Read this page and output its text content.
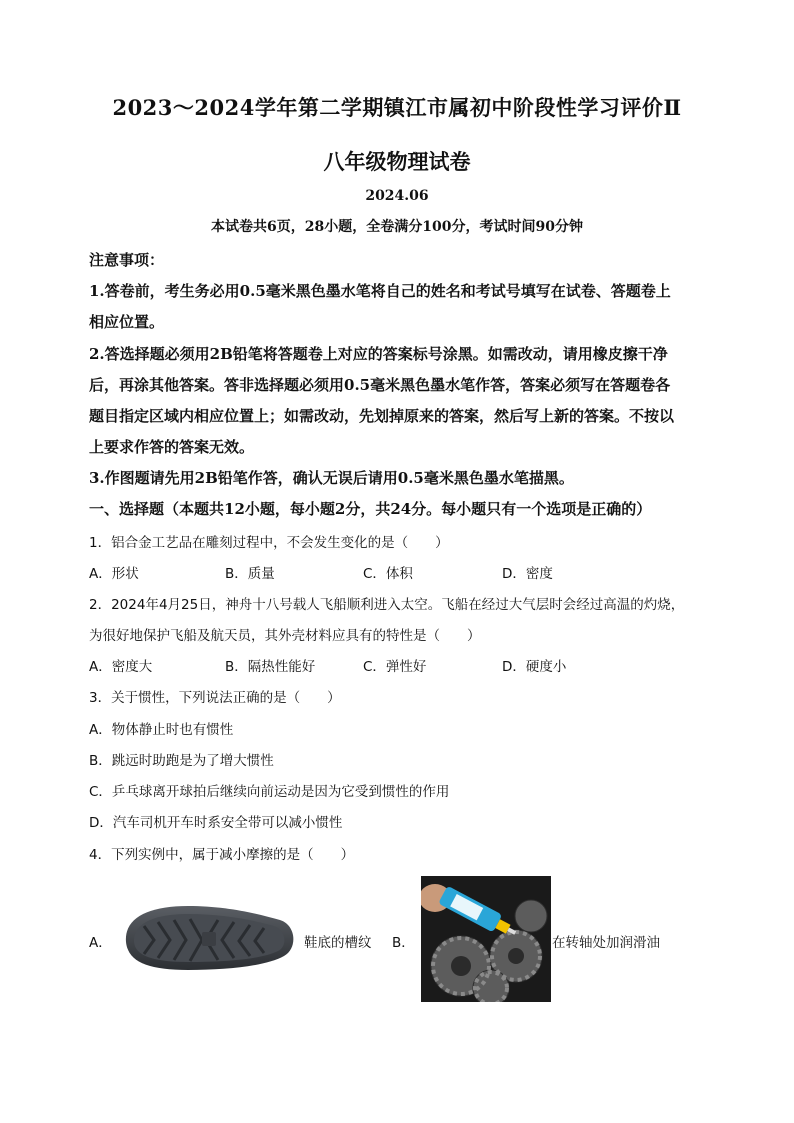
2023～2024学年第二学期镇江市属初中阶段性学习评价Ⅱ
八年级物理试卷
2024.06
本试卷共6页，28小题，全卷满分100分，考试时间90分钟
注意事项：
1.答卷前，考生务必用0.5毫米黑色墨水笔将自己的姓名和考试号填写在试卷、答题卷上
相应位置。
2.答选择题必须用2B铅笔将答题卷上对应的答案标号涂黑。如需改动，请用橡皮擦干净
后，再涂其他答案。答非选择题必须用0.5毫米黑色墨水笔作答，答案必须写在答题卷各
题目指定区域内相应位置上；如需改动，先划掉原来的答案，然后写上新的答案。不按以
上要求作答的答案无效。
3.作图题请先用2B铅笔作答，确认无误后请用0.5毫米黑色墨水笔描黑。
一、选择题（本题共12小题，每小题2分，共24分。每小题只有一个选项是正确的）
1．铝合金工艺品在雕刻过程中，不会发生变化的是（　　）
A．形状	B．质量	C．体积	D．密度
2．2024年4月25日，神舟十八号载人飞船顺利进入太空。飞船在经过大气层时会经过高温的灼烧，
为很好地保护飞船及航天员，其外壳材料应具有的特性是（　　）
A．密度大	B．隔热性能好	C．弹性好	D．硬度小
3．关于惯性，下列说法正确的是（　　）
A．物体静止时也有惯性
B．跳远时助跑是为了增大惯性
C．乒乓球离开球拍后继续向前运动是因为它受到惯性的作用
D．汽车司机开车时系安全带可以减小惯性
4．下列实例中，属于减小摩擦的是（　　）
A．	鞋底的槽纹 B．	在转轴处加润滑油
